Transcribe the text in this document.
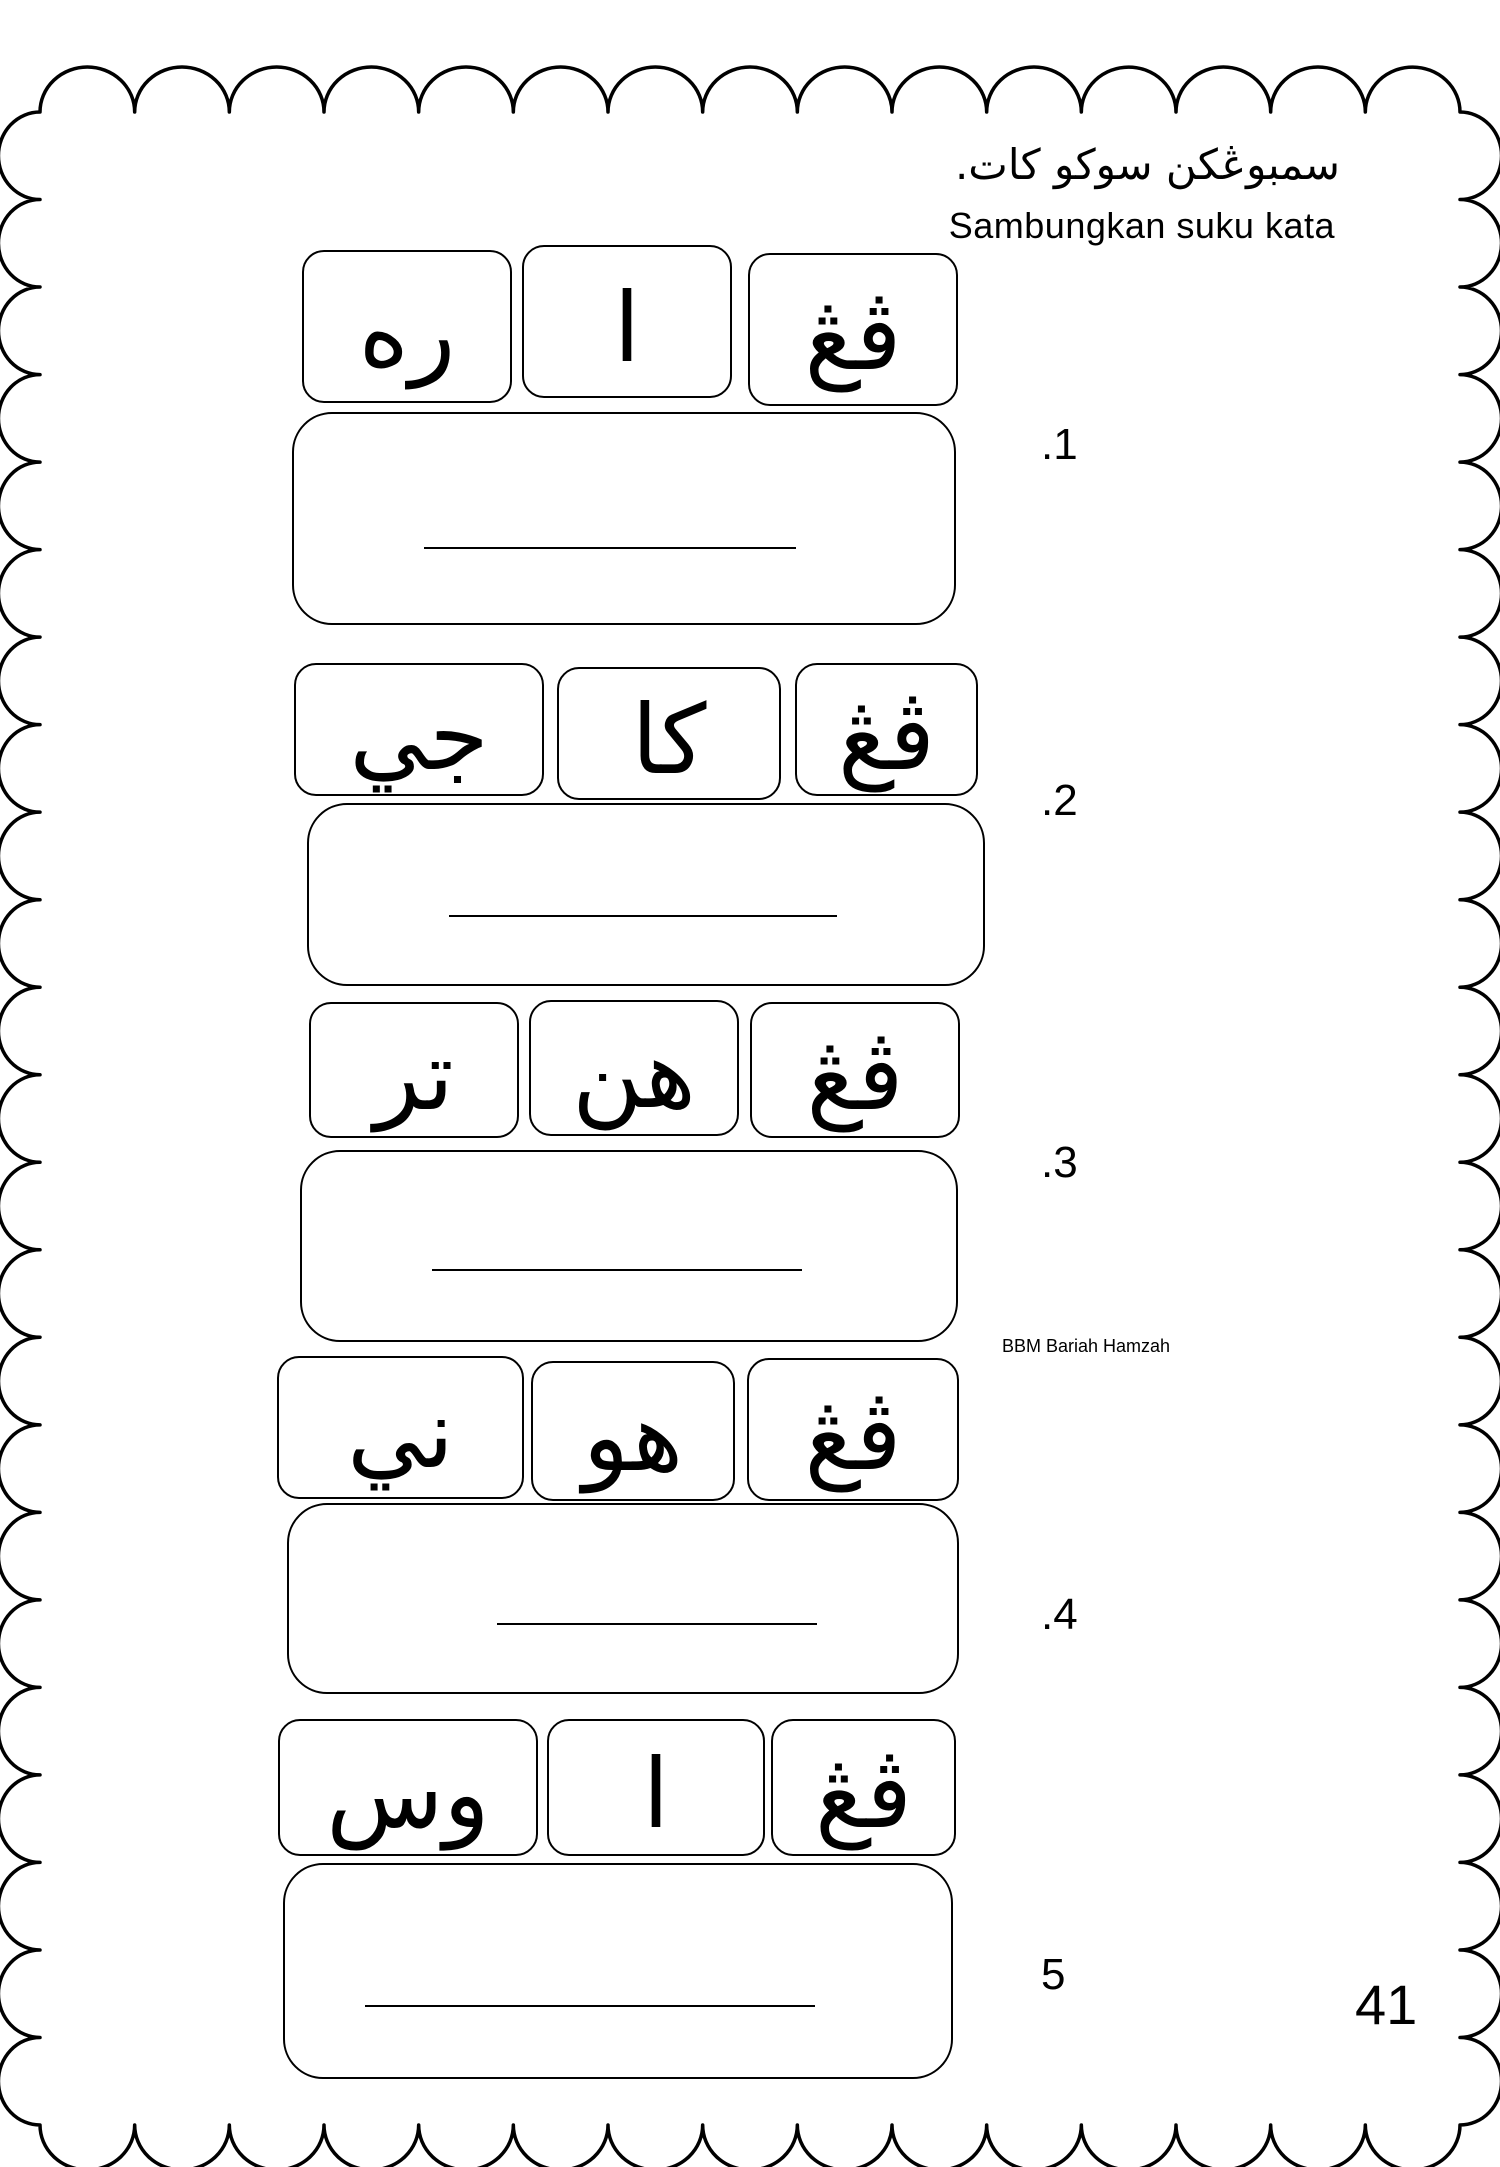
سمبوڠكن سوكو كات.
Sambungkan suku kata
ڤڠ
ا
ره
.1
ڤڠ
كا
جي
.2
ڤڠ
هن
تر
.3
BBM Bariah Hamzah
ڤڠ
هو
ني
.4
ڤڠ
ا
وس
5	41
